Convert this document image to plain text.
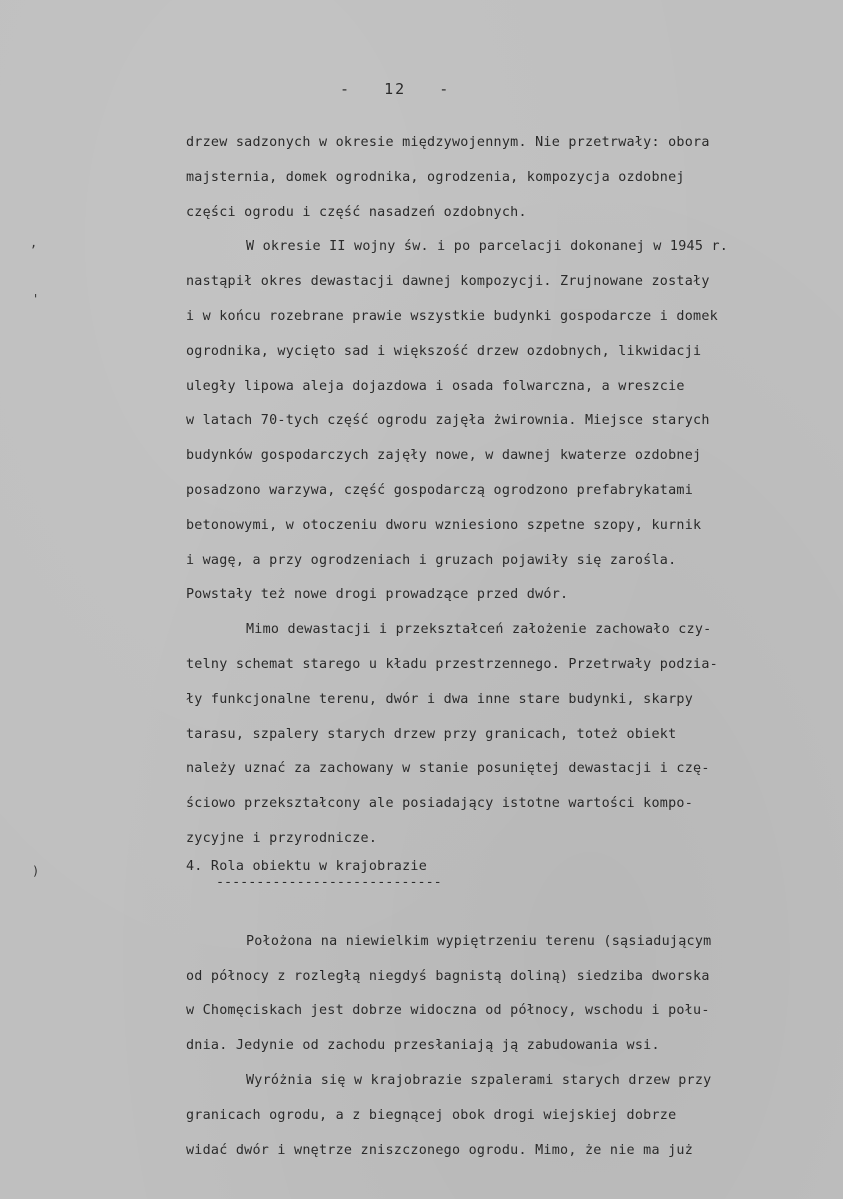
-   12   -
,
'
)
drzew sadzonych w okresie międzywojennym. Nie przetrwały: obora
majsternia, domek ogrodnika, ogrodzenia, kompozycja ozdobnej
części ogrodu i część nasadzeń ozdobnych.
W okresie II wojny św. i po parcelacji dokonanej w 1945 r.
nastąpił okres dewastacji dawnej kompozycji. Zrujnowane zostały
i w końcu rozebrane prawie wszystkie budynki gospodarcze i domek
ogrodnika, wycięto sad i większość drzew ozdobnych, likwidacji
uległy lipowa aleja dojazdowa i osada folwarczna, a wreszcie
w latach 70-tych część ogrodu zajęła żwirownia. Miejsce starych
budynków gospodarczych zajęły nowe, w dawnej kwaterze ozdobnej
posadzono warzywa, część gospodarczą ogrodzono prefabrykatami
betonowymi, w otoczeniu dworu wzniesiono szpetne szopy, kurnik
i wagę, a przy ogrodzeniach i gruzach pojawiły się zarośla.
Powstały też nowe drogi prowadzące przed dwór.
Mimo dewastacji i przekształceń założenie zachowało czy-
telny schemat starego u kładu przestrzennego. Przetrwały podzia-
ły funkcjonalne terenu, dwór i dwa inne stare budynki, skarpy
tarasu, szpalery starych drzew przy granicach, toteż obiekt
należy uznać za zachowany w stanie posuniętej dewastacji i czę-
ściowo przekształcony ale posiadający istotne wartości kompo-
zycyjne i przyrodnicze.
4. Rola obiektu w krajobrazie
----------------------------
Położona na niewielkim wypiętrzeniu terenu (sąsiadującym
od północy z rozległą niegdyś bagnistą doliną) siedziba dworska
w Chomęciskach jest dobrze widoczna od północy, wschodu i połu-
dnia. Jedynie od zachodu przesłaniają ją zabudowania wsi.
Wyróżnia się w krajobrazie szpalerami starych drzew przy
granicach ogrodu, a z biegnącej obok drogi wiejskiej dobrze
widać dwór i wnętrze zniszczonego ogrodu. Mimo, że nie ma już
